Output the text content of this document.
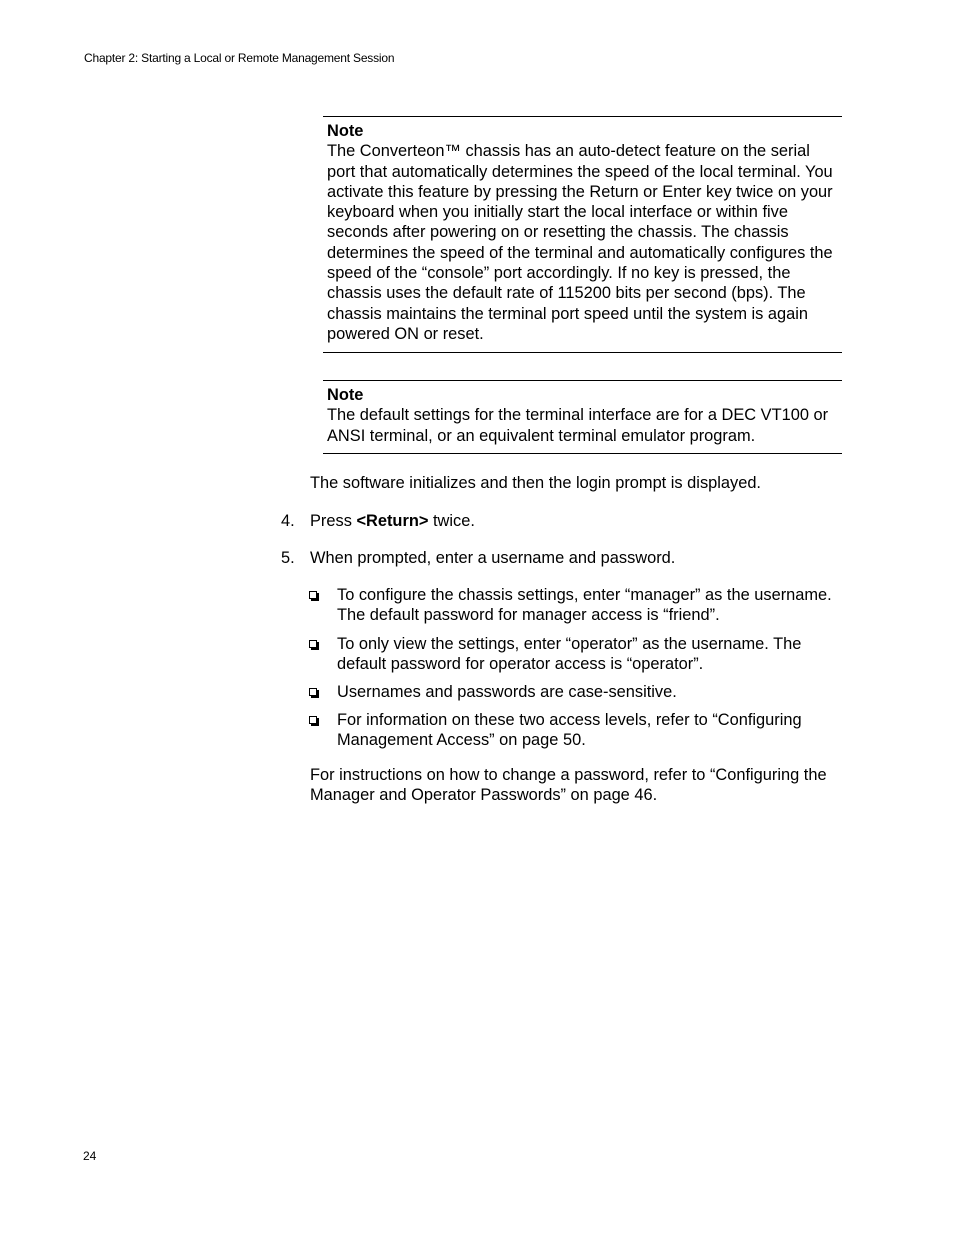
Chapter 2: Starting a Local or Remote Management Session
Note
The Converteon™ chassis has an auto-detect feature on the serial port that automatically determines the speed of the local terminal. You activate this feature by pressing the Return or Enter key twice on your keyboard when you initially start the local interface or within five seconds after powering on or resetting the chassis. The chassis determines the speed of the terminal and automatically configures the speed of the “console” port accordingly. If no key is pressed, the chassis uses the default rate of 115200 bits per second (bps). The chassis maintains the terminal port speed until the system is again powered ON or reset.
Note
The default settings for the terminal interface are for a DEC VT100 or ANSI terminal, or an equivalent terminal emulator program.
The software initializes and then the login prompt is displayed.
4. Press <Return> twice.
5. When prompted, enter a username and password.
To configure the chassis settings, enter “manager” as the username. The default password for manager access is “friend”.
To only view the settings, enter “operator” as the username. The default password for operator access is “operator”.
Usernames and passwords are case-sensitive.
For information on these two access levels, refer to “Configuring Management Access” on page 50.
For instructions on how to change a password, refer to “Configuring the Manager and Operator Passwords” on page 46.
24
